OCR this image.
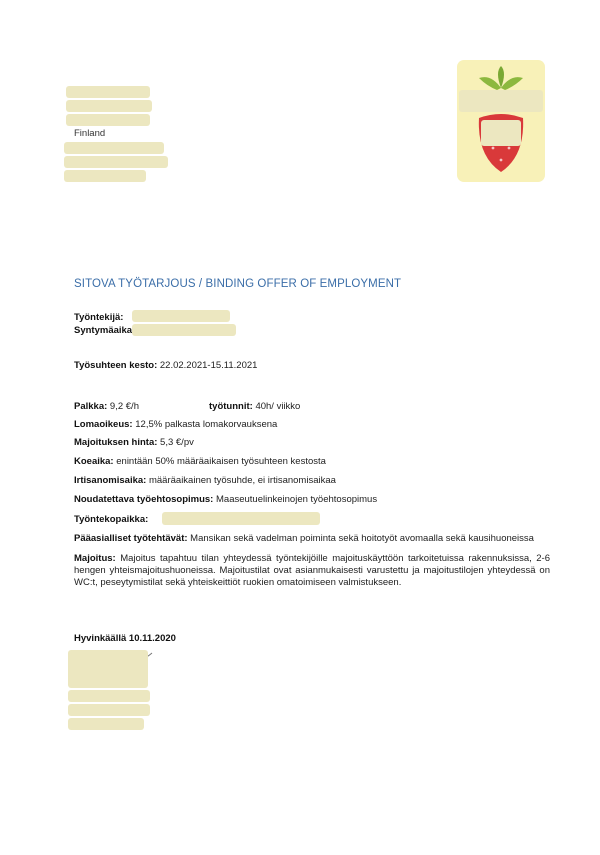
Finland
SITOVA TYÖTARJOUS / BINDING OFFER OF EMPLOYMENT
Työntekijä:
Syntymäaika
Työsuhteen kesto: 22.02.2021-15.11.2021
Palkka: 9,2 €/h	työtunnit: 40h/ viikko
Lomaoikeus: 12,5% palkasta lomakorvauksena
Majoituksen hinta: 5,3 €/pv
Koeaika: enintään 50% määräaikaisen työsuhteen kestosta
Irtisanomisaika: määräaikainen työsuhde, ei irtisanomisaikaa
Noudatettava työehtosopimus: Maaseutuelinkeinojen työehtosopimus
Työntekopaikka:
Pääasialliset työtehtävät: Mansikan sekä vadelman poiminta sekä hoitotyöt avomaalla sekä kausihuoneissa
Majoitus: Majoitus tapahtuu tilan yhteydessä työntekijöille majoituskäyttöön tarkoitetuissa rakennuksissa, 2-6 hengen yhteismajoitushuoneissa. Majoitustilat ovat asianmukaisesti varustettu ja majoitustilojen yhteydessä on WC:t, peseytymistilat sekä yhteiskeittiöt ruokien omatoimiseen valmistukseen.
Hyvinkäällä 10.11.2020
